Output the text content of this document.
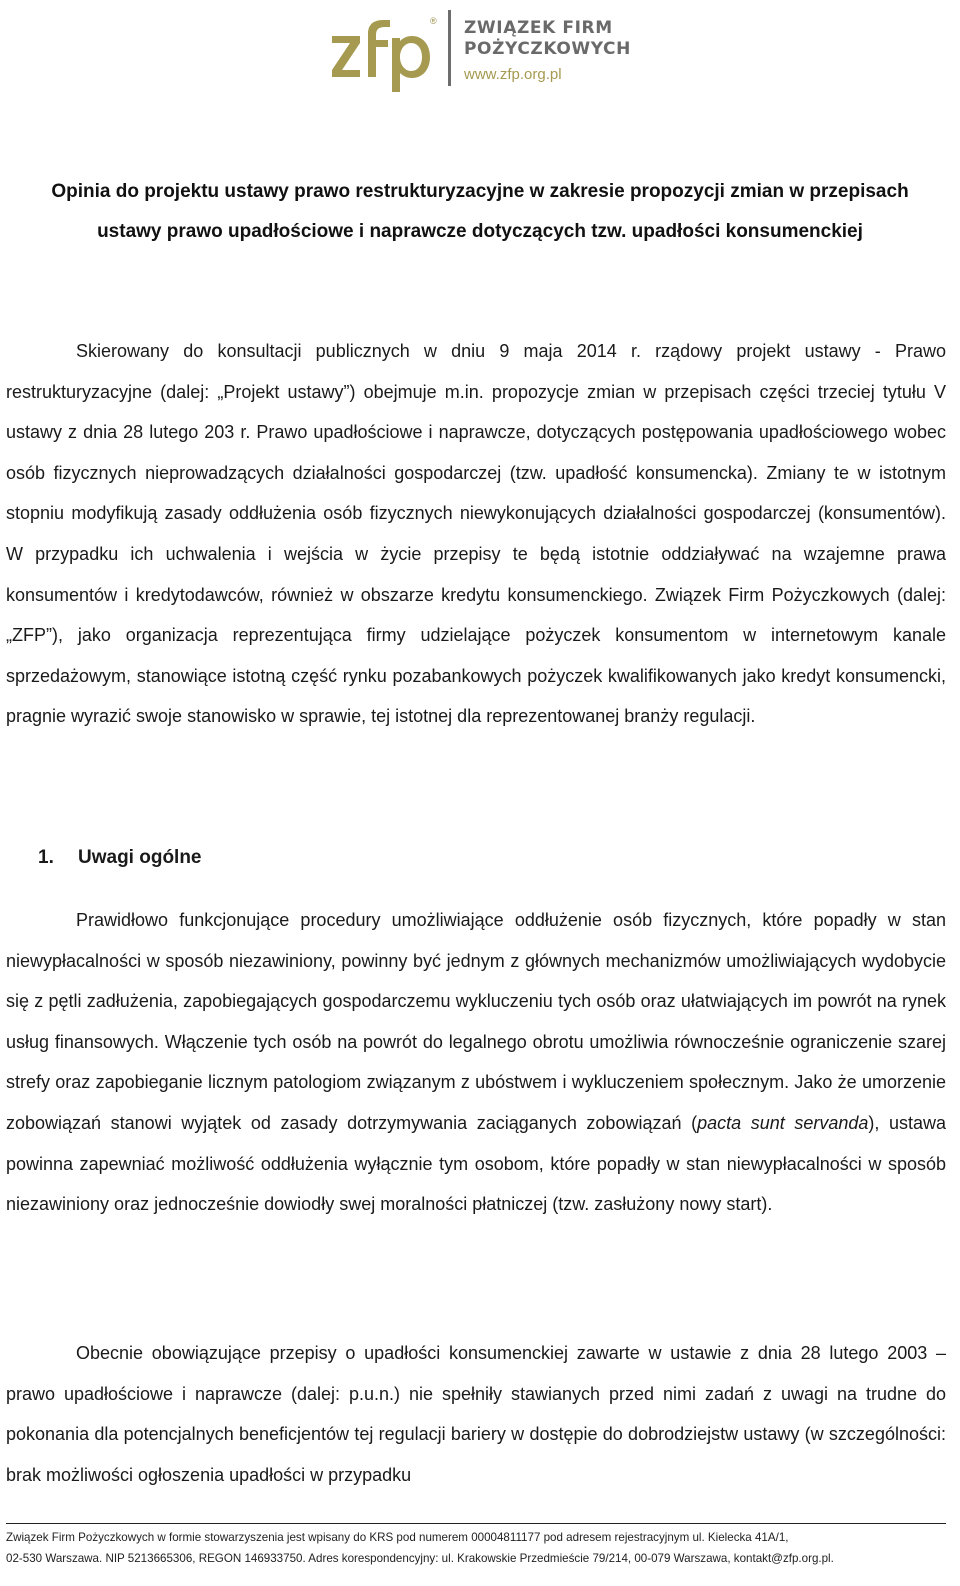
® ZWIĄZEK FIRM
POŻYCZKOWYCH
www.zfp.org.pl
Opinia do projektu ustawy prawo restrukturyzacyjne w zakresie propozycji zmian w przepisach
ustawy prawo upadłościowe i naprawcze dotyczących tzw. upadłości konsumenckiej

Skierowany do konsultacji publicznych w dniu 9 maja 2014 r. rządowy projekt ustawy - Prawo restrukturyzacyjne (dalej: „Projekt ustawy”) obejmuje m.in. propozycje zmian w przepisach części trzeciej tytułu V ustawy z dnia 28 lutego 203 r. Prawo upadłościowe i naprawcze, dotyczących postępowania upadłościowego wobec osób fizycznych nieprowadzących działalności gospodarczej (tzw. upadłość konsumencka). Zmiany te w istotnym stopniu modyfikują zasady oddłużenia osób fizycznych niewykonujących działalności gospodarczej (konsumentów). W przypadku ich uchwalenia i wejścia w życie przepisy te będą istotnie oddziaływać na wzajemne prawa konsumentów i kredytodawców, również w obszarze kredytu konsumenckiego. Związek Firm Pożyczkowych (dalej: „ZFP”), jako organizacja reprezentująca firmy udzielające pożyczek konsumentom w internetowym kanale sprzedażowym, stanowiące istotną część rynku pozabankowych pożyczek kwalifikowanych jako kredyt konsumencki, pragnie wyrazić swoje stanowisko w sprawie, tej istotnej dla reprezentowanej branży regulacji.

1. Uwagi ogólne

Prawidłowo funkcjonujące procedury umożliwiające oddłużenie osób fizycznych, które popadły w stan niewypłacalności w sposób niezawiniony, powinny być jednym z głównych mechanizmów umożliwiających wydobycie się z pętli zadłużenia, zapobiegających gospodarczemu wykluczeniu tych osób oraz ułatwiających im powrót na rynek usług finansowych. Włączenie tych osób na powrót do legalnego obrotu umożliwia równocześnie ograniczenie szarej strefy oraz zapobieganie licznym patologiom związanym z ubóstwem i wykluczeniem społecznym. Jako że umorzenie zobowiązań stanowi wyjątek od zasady dotrzymywania zaciąganych zobowiązań (pacta sunt servanda), ustawa powinna zapewniać możliwość oddłużenia wyłącznie tym osobom, które popadły w stan niewypłacalności w sposób niezawiniony oraz jednocześnie dowiodły swej moralności płatniczej (tzw. zasłużony nowy start).

Obecnie obowiązujące przepisy o upadłości konsumenckiej zawarte w ustawie z dnia 28 lutego 2003 – prawo upadłościowe i naprawcze (dalej: p.u.n.) nie spełniły stawianych przed nimi zadań z uwagi na trudne do pokonania dla potencjalnych beneficjentów tej regulacji bariery w dostępie do dobrodziejstw ustawy (w szczególności: brak możliwości ogłoszenia upadłości w przypadku

Związek Firm Pożyczkowych w formie stowarzyszenia jest wpisany do KRS pod numerem 00004811177 pod adresem rejestracyjnym ul. Kielecka 41A/1,
02-530 Warszawa. NIP 5213665306, REGON 146933750. Adres korespondencyjny: ul. Krakowskie Przedmieście 79/214, 00-079 Warszawa, kontakt@zfp.org.pl.
